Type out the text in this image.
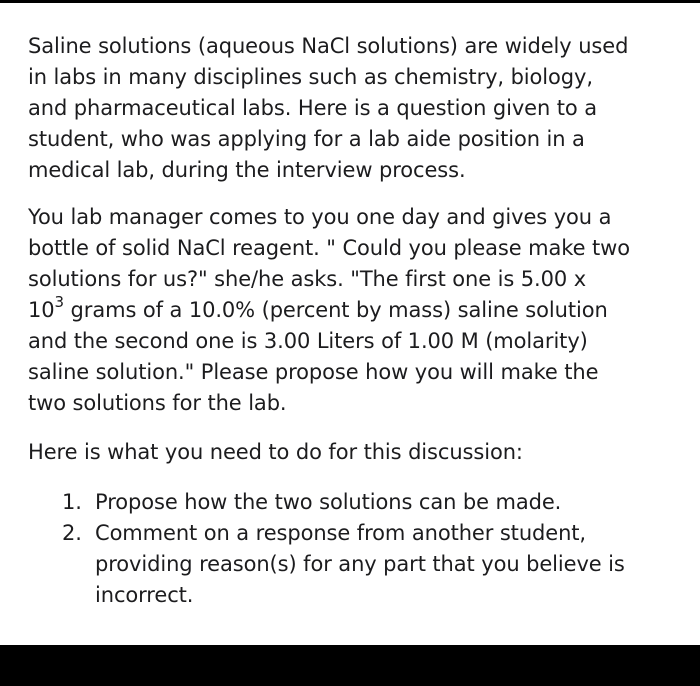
Saline solutions (aqueous NaCl solutions) are widely used
in labs in many disciplines such as chemistry, biology,
and pharmaceutical labs. Here is a question given to a
student, who was applying for a lab aide position in a
medical lab, during the interview process.

You lab manager comes to you one day and gives you a
bottle of solid NaCl reagent. " Could you please make two
solutions for us?" she/he asks. "The first one is 5.00 x
$10^3$ grams of a 10.0% (percent by mass) saline solution
and the second one is 3.00 Liters of 1.00 M (molarity)
saline solution." Please propose how you will make the
two solutions for the lab.

Here is what you need to do for this discussion:

1. Propose how the two solutions can be made.
2. Comment on a response from another student,
providing reason(s) for any part that you believe is
incorrect.
